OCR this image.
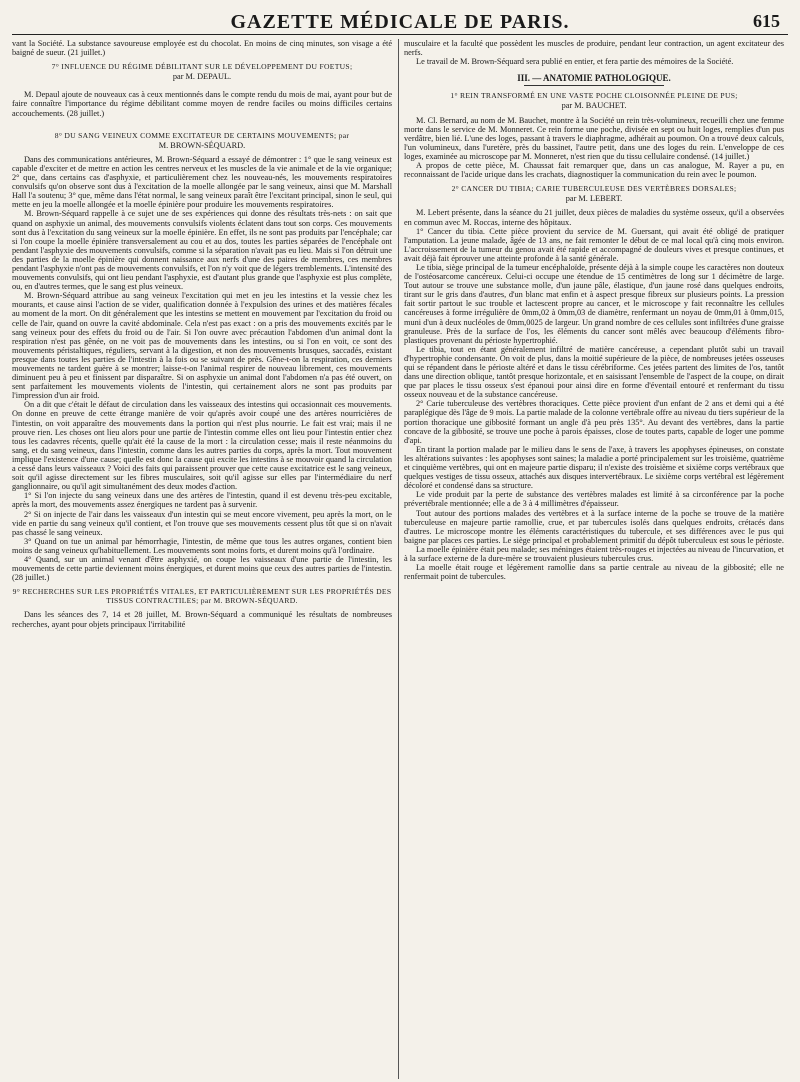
GAZETTE MÉDICALE DE PARIS.	615

vant la Société. La substance savoureuse employée est du chocolat. En moins de cinq minutes, son visage a été baigné de sueur. (21 juillet.)

7° INFLUENCE DU RÉGIME DÉBILITANT SUR LE DÉVELOPPEMENT DU FOETUS;
par M. DEPAUL.

M. Depaul ajoute de nouveaux cas à ceux mentionnés dans le compte rendu du mois de mai, ayant pour but de faire connaître l'importance du régime débilitant comme moyen de rendre faciles ou moins difficiles certains accouchements. (28 juillet.)

8° DU SANG VEINEUX COMME EXCITATEUR DE CERTAINS MOUVEMENTS; par
M. BROWN-SÉQUARD.

Dans des communications antérieures, M. Brown-Séquard a essayé de démontrer : 1° que le sang veineux est capable d'exciter et de mettre en action les centres nerveux et les muscles de la vie animale et de la vie organique; 2° que, dans certains cas d'asphyxie, et particulièrement chez les nouveau-nés, les mouvements respiratoires convulsifs qu'on observe sont dus à l'excitation de la moelle allongée par le sang veineux, ainsi que M. Marshall Hall l'a soutenu; 3° que, même dans l'état normal, le sang veineux paraît être l'excitant principal, sinon le seul, qui mette en jeu la moelle allongée et la moelle épinière pour produire les mouvements respiratoires.

M. Brown-Séquard rappelle à ce sujet une de ses expériences qui donne des résultats très-nets : on sait que quand on asphyxie un animal, des mouvements convulsifs violents éclatent dans tout son corps. Ces mouvements sont dus à l'excitation du sang veineux sur la moelle épinière. En effet, ils ne sont pas produits par l'encéphale; car si l'on coupe la moelle épinière transversalement au cou et au dos, toutes les parties séparées de l'encéphale ont pendant l'asphyxie des mouvements convulsifs, comme si la séparation n'avait pas eu lieu. Mais si l'on détruit une des parties de la moelle épinière qui donnent naissance aux nerfs d'une des paires de membres, ces membres pendant l'asphyxie n'ont pas de mouvements convulsifs, et l'on n'y voit que de légers tremblements. L'intensité des mouvements convulsifs, qui ont lieu pendant l'asphyxie, est d'autant plus grande que l'asphyxie est plus complète, ou, en d'autres termes, que le sang est plus veineux.

M. Brown-Séquard attribue au sang veineux l'excitation qui met en jeu les intestins et la vessie chez les mourants, et cause ainsi l'action de se vider, qualification donnée à l'expulsion des urines et des matières fécales au moment de la mort. On dit généralement que les intestins se mettent en mouvement par l'excitation du froid ou celle de l'air, quand on ouvre la cavité abdominale. Cela n'est pas exact : on a pris des mouvements excités par le sang veineux pour des effets du froid ou de l'air. Si l'on ouvre avec précaution l'abdomen d'un animal dont la respiration n'est pas gênée, on ne voit pas de mouvements dans les intestins, ou si l'on en voit, ce sont des mouvements péristaltiques, réguliers, servant à la digestion, et non des mouvements brusques, saccadés, existant presque dans toutes les parties de l'intestin à la fois ou se suivant de près. Gêne-t-on la respiration, ces derniers mouvements ne tardent guère à se montrer; laisse-t-on l'animal respirer de nouveau librement, ces mouvements diminuent peu à peu et finissent par disparaître. Si on asphyxie un animal dont l'abdomen n'a pas été ouvert, on sent parfaitement les mouvements violents de l'intestin, qui certainement alors ne sont pas produits par l'impression d'un air froid.

On a dit que c'était le défaut de circulation dans les vaisseaux des intestins qui occasionnait ces mouvements. On donne en preuve de cette étrange manière de voir qu'après avoir coupé une des artères nourricières de l'intestin, on voit apparaître des mouvements dans la portion qui n'est plus nourrie. Le fait est vrai; mais il ne prouve rien. Les choses ont lieu alors pour une partie de l'intestin comme elles ont lieu pour l'intestin entier chez tous les cadavres récents, quelle qu'ait été la cause de la mort : la circulation cesse; mais il reste néanmoins du sang, et du sang veineux, dans l'intestin, comme dans les autres parties du corps, après la mort. Tout mouvement implique l'existence d'une cause; quelle est donc la cause qui excite les intestins à se mouvoir quand la circulation a cessé dans leurs vaisseaux ? Voici des faits qui paraissent prouver que cette cause excitatrice est le sang veineux, soit qu'il agisse directement sur les fibres musculaires, soit qu'il agisse sur elles par l'intermédiaire du nerf ganglionnaire, ou qu'il agit simultanément des deux modes d'action.

1° Si l'on injecte du sang veineux dans une des artères de l'intestin, quand il est devenu très-peu excitable, après la mort, des mouvements assez énergiques ne tardent pas à survenir.

2° Si on injecte de l'air dans les vaisseaux d'un intestin qui se meut encore vivement, peu après la mort, on le vide en partie du sang veineux qu'il contient, et l'on trouve que ses mouvements cessent plus tôt que si on n'avait pas chassé le sang veineux.

3° Quand on tue un animal par hémorrhagie, l'intestin, de même que tous les autres organes, contient bien moins de sang veineux qu'habituellement. Les mouvements sont moins forts, et durent moins qu'à l'ordinaire.

4° Quand, sur un animal venant d'être asphyxié, on coupe les vaisseaux d'une partie de l'intestin, les mouvements de cette partie deviennent moins énergiques, et durent moins que ceux des autres parties de l'intestin. (28 juillet.)

9° RECHERCHES SUR LES PROPRIÉTÉS VITALES, ET PARTICULIÈREMENT SUR LES PROPRIÉTÉS DES TISSUS CONTRACTILES; par M. BROWN-SÉQUARD.

Dans les séances des 7, 14 et 28 juillet, M. Brown-Séquard a communiqué les résultats de nombreuses recherches, ayant pour objets principaux l'irritabilité

musculaire et la faculté que possèdent les muscles de produire, pendant leur contraction, un agent excitateur des nerfs.

Le travail de M. Brown-Séquard sera publié en entier, et fera partie des mémoires de la Société.

III. — ANATOMIE PATHOLOGIQUE.
1° REIN TRANSFORMÉ EN UNE VASTE POCHE CLOISONNÉE PLEINE DE PUS;
par M. BAUCHET.

M. Cl. Bernard, au nom de M. Bauchet, montre à la Société un rein très-volumineux, recueilli chez une femme morte dans le service de M. Monneret. Ce rein forme une poche, divisée en sept ou huit loges, remplies d'un pus verdâtre, bien lié. L'une des loges, passant à travers le diaphragme, adhérait au poumon. On a trouvé deux calculs, l'un volumineux, dans l'uretère, près du bassinet, l'autre petit, dans une des loges du rein. L'enveloppe de ces loges, examinée au microscope par M. Monneret, n'est rien que du tissu cellulaire condensé. (14 juillet.)

A propos de cette pièce, M. Chaussat fait remarquer que, dans un cas analogue, M. Rayer a pu, en reconnaissant de l'acide urique dans les crachats, diagnostiquer la communication du rein avec le poumon.

2° CANCER DU TIBIA; CARIE TUBERCULEUSE DES VERTÈBRES DORSALES;
par M. LEBERT.

M. Lebert présente, dans la séance du 21 juillet, deux pièces de maladies du système osseux, qu'il a observées en commun avec M. Roccas, interne des hôpitaux.

1° Cancer du tibia. Cette pièce provient du service de M. Guersant, qui avait été obligé de pratiquer l'amputation. La jeune malade, âgée de 13 ans, ne fait remonter le début de ce mal local qu'à cinq mois environ. L'accroissement de la tumeur du genou avait été rapide et accompagné de douleurs vives et presque continues, et avait déjà fait éprouver une atteinte profonde à la santé générale.

Le tibia, siège principal de la tumeur encéphaloïde, présente déjà à la simple coupe les caractères non douteux de l'ostéosarcome cancéreux. Celui-ci occupe une étendue de 15 centimètres de long sur 1 décimètre de large. Tout autour se trouve une substance molle, d'un jaune pâle, élastique, d'un jaune rosé dans quelques endroits, tirant sur le gris dans d'autres, d'un blanc mat enfin et à aspect presque fibreux sur plusieurs points. La pression fait sortir partout le suc trouble et lactescent propre au cancer, et le microscope y fait reconnaître les cellules cancéreuses à forme irrégulière de 0mm,02 à 0mm,03 de diamètre, renfermant un noyau de 0mm,01 à 0mm,015, muni d'un à deux nucléoles de 0mm,0025 de largeur. Un grand nombre de ces cellules sont infiltrées d'une graisse granuleuse. Près de la surface de l'os, les éléments du cancer sont mêlés avec beaucoup d'éléments fibro-plastiques provenant du périoste hypertrophié.

Le tibia, tout en étant généralement infiltré de matière cancéreuse, a cependant plutôt subi un travail d'hypertrophie condensante. On voit de plus, dans la moitié supérieure de la pièce, de nombreuses jetées osseuses qui se répandent dans le périoste altéré et dans le tissu cérébriforme. Ces jetées partent des limites de l'os, tantôt dans une direction oblique, tantôt presque horizontale, et en saisissant l'ensemble de l'aspect de la coupe, on dirait que par places le tissu osseux s'est épanoui pour ainsi dire en forme d'éventail entouré et renfermant du tissu osseux nouveau et de la substance cancéreuse.

2° Carie tuberculeuse des vertèbres thoraciques. Cette pièce provient d'un enfant de 2 ans et demi qui a été paraplégique dès l'âge de 9 mois. La partie malade de la colonne vertébrale offre au niveau du tiers supérieur de la portion thoracique une gibbosité formant un angle d'à peu près 135°. Au devant des vertèbres, dans la partie concave de la gibbosité, se trouve une poche à parois épaisses, close de toutes parts, capable de loger une pomme d'api.

En tirant la portion malade par le milieu dans le sens de l'axe, à travers les apophyses épineuses, on constate les altérations suivantes : les apophyses sont saines; la maladie a porté principalement sur les troisième, quatrième et cinquième vertèbres, qui ont en majeure partie disparu; il n'existe des troisième et sixième corps vertébraux que quelques vestiges de tissu osseux, attachés aux disques intervertébraux. Le sixième corps vertébral est légèrement décoloré et condensé dans sa structure.

Le vide produit par la perte de substance des vertèbres malades est limité à sa circonférence par la poche prévertébrale mentionnée; elle a de 3 à 4 millimètres d'épaisseur.

Tout autour des portions malades des vertèbres et à la surface interne de la poche se trouve de la matière tuberculeuse en majeure partie ramollie, crue, et par tubercules isolés dans quelques endroits, crétacés dans d'autres. Le microscope montre les éléments caractéristiques du tubercule, et ses différences avec le pus qui baigne par places ces parties. Le siège principal et probablement primitif du dépôt tuberculeux est sous le périoste.

La moelle épinière était peu malade; ses méninges étaient très-rouges et injectées au niveau de l'incurvation, et à la surface externe de la dure-mère se trouvaient plusieurs tubercules crus.

La moelle était rouge et légèrement ramollie dans sa partie centrale au niveau de la gibbosité; elle ne renfermait point de tubercules.
